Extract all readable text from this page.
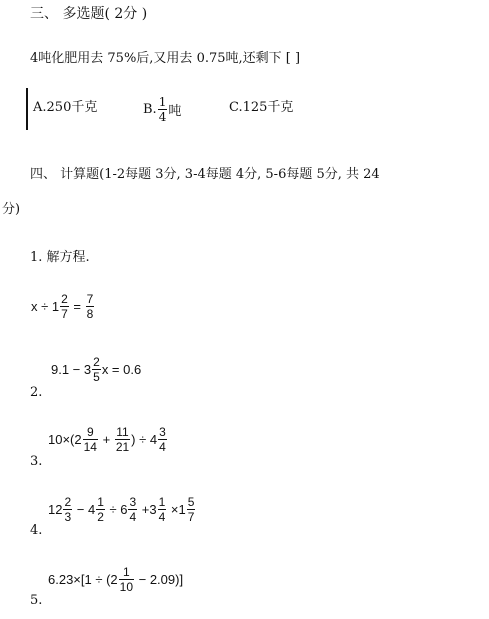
三、 多选题( 2分 )
4吨化肥用去 75%后,又用去 0.75吨,还剩下 [ ]
A.250千克	B. $\frac{1}{4}$ 吨	C.125千克
四、 计算题(1-2每题 3分, 3-4每题 4分, 5-6每题 5分, 共 24
分)
1. 解方程.
$x \div 1 \frac{2}{7} = \frac{7}{8}$
$9.1 - 3 \frac{2}{5}$ x = 0.6
2.
$10\times(2 \frac{9}{14} + \frac{11}{21}$ ) ÷ $4 \frac{3}{4}$
3.
$12 \frac{2}{3} - 4 \frac{1}{2} \div 6 \frac{3}{4} +3 \frac{1}{4} \times 1 \frac{5}{7}$
4.
$6.23\times[1 \div (2 \frac{1}{10} - 2.09)]$
5.
